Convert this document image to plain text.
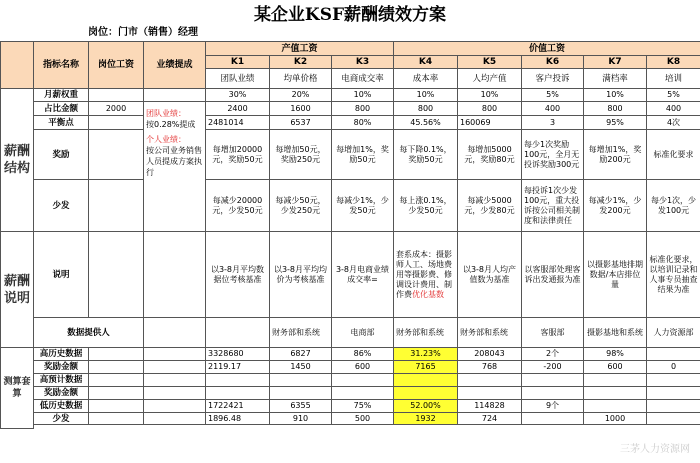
某企业KSF薪酬绩效方案
岗位：门市（销售）经理
	指标名称	岗位工资	业绩提成	产值工资			价值工资				
				K1	K2	K3	K4	K5	K6	K7	K8
				团队业绩	均单价格	电商成交率	成本率	人均产值	客户投诉	满档率	培训
薪酬结构	月薪权重			30%	20%	10%	10%	10%	5%	10%	5%
	占比金额	2000	团队业绩：
按0.28%提成
个人业绩：
按公司业务销售人员提成方案执行	2400	1600	800	800	800	400	800	400
	平衡点			2481014	6537	80%	45.56%	160069	3	95%	4次
	奖励			每增加20000元，奖励50元	每增加50元，奖励250元	每增加1%，奖励50元	每下降0.1%，奖励50元	每增加5000元，奖励80元	每少1次奖励100元，全月无投诉奖励300元	每增加1%，奖励200元	标准化要求
	少发			每减少20000元，少发50元	每减少50元，少发250元	每减少1%，少发50元	每上涨0.1%，少发50元	每减少5000元，少发80元	每投诉1次少发100元，重大投诉按公司相关制度和法律责任	每减少1%，少发200元	每少1次，少发100元
薪酬说明	说明			以3-8月平均数据位考核基准	以3-8月平均均价为考核基准	3-8月电商业绩成交率=	套系成本：摄影师人工、场地费用等摄影费、修调设计费用、制作费优化基数	以3-8月人均产值数为基准	以客服部处理客诉出发通报为准	以摄影基地排期数据/本店排位量	标准化要求，以培训记录和人事专员抽查结果为准
	数据提供人				财务部和系统	电商部	财务部和系统	财务部和系统	客服部	摄影基地和系统	人力资源部
测算套算	高历史数据			3328680	6827	86%	31.23%	208043	2个	98%	
	奖励金额			2119.17	1450	600	7165	768	-200	600	0
	高预计数据										
	奖励金额										
	低历史数据			1722421	6355	75%	52.00%	114828	9个		
	少发			1896.48	910	500	1932	724		1000	

三茅人力资源网
